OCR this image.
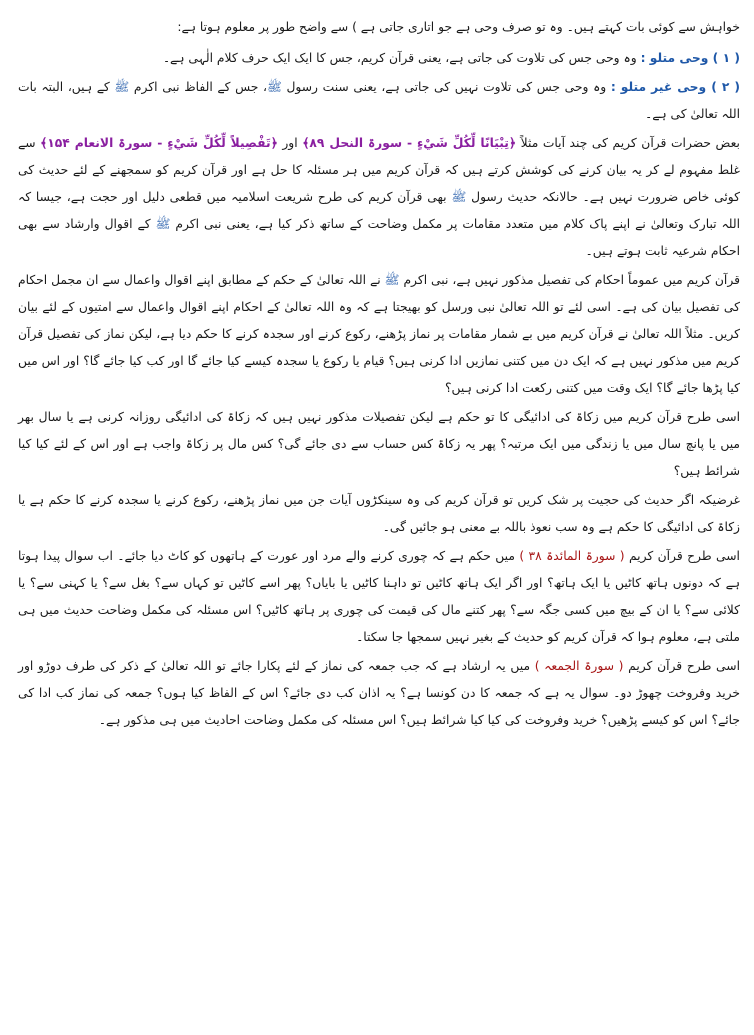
خواہش سے کوئی بات کہتے ہیں۔ وہ تو صرف وحی ہے جو اتاری جاتی ہے ) سے واضح طور پر معلوم ہوتا ہے:

( ۱ ) وحی متلو : وہ وحی جس کی تلاوت کی جاتی ہے، یعنی قرآن کریم، جس کا ایک ایک حرف کلام الٰہی ہے۔

( ۲ ) وحی غیر متلو : وہ وحی جس کی تلاوت نہیں کی جاتی ہے، یعنی سنت رسول ﷺ، جس کے الفاظ نبی اکرم ﷺ کے ہیں، البتہ بات اللہ تعالیٰ کی ہے۔

بعض حضرات قرآن کریم کی چند آیات مثلاً ﴿تِبْيَانًا لِّكُلِّ شَيْءٍ - سورۃ النحل ۸۹﴾ اور ﴿تَفْصِيلاً لِّكُلِّ شَيْءٍ - سورۃ الانعام ۱۵۴﴾ سے غلط مفہوم لے کر یہ بیان کرنے کی کوشش کرتے ہیں کہ قرآن کریم میں ہر مسئلہ کا حل ہے اور قرآن کریم کو سمجھنے کے لئے حدیث کی کوئی خاص ضرورت نہیں ہے۔ حالانکہ حدیث رسول ﷺ بھی قرآن کریم کی طرح شریعت اسلامیہ میں قطعی دلیل اور حجت ہے، جیسا کہ اللہ تبارک وتعالیٰ نے اپنے پاک کلام میں متعدد مقامات پر مکمل وضاحت کے ساتھ ذکر کیا ہے، یعنی نبی اکرم ﷺ کے اقوال وارشاد سے بھی احکام شرعیہ ثابت ہوتے ہیں۔

قرآن کریم میں عموماً احکام کی تفصیل مذکور نہیں ہے، نبی اکرم ﷺ نے اللہ تعالیٰ کے حکم کے مطابق اپنے اقوال واعمال سے ان مجمل احکام کی تفصیل بیان کی ہے۔ اسی لئے تو اللہ تعالیٰ نبی ورسل کو بھیجتا ہے کہ وہ اللہ تعالیٰ کے احکام اپنے اقوال واعمال سے امتیوں کے لئے بیان کریں۔ مثلاً اللہ تعالیٰ نے قرآن کریم میں بے شمار مقامات پر نماز پڑھنے، رکوع کرنے اور سجدہ کرنے کا حکم دیا ہے، لیکن نماز کی تفصیل قرآن کریم میں مذکور نہیں ہے کہ ایک دن میں کتنی نمازیں ادا کرنی ہیں؟ قیام یا رکوع یا سجدہ کیسے کیا جائے گا اور کب کیا جائے گا؟ اور اس میں کیا پڑھا جائے گا؟ ایک وقت میں کتنی رکعت ادا کرنی ہیں؟

اسی طرح قرآن کریم میں زکاۃ کی ادائیگی کا تو حکم ہے لیکن تفصیلات مذکور نہیں ہیں کہ زکاۃ کی ادائیگی روزانہ کرنی ہے یا سال بھر میں یا پانچ سال میں یا زندگی میں ایک مرتبہ؟ پھر یہ زکاۃ کس حساب سے دی جائے گی؟ کس مال پر زکاۃ واجب ہے اور اس کے لئے کیا کیا شرائط ہیں؟

غرضیکہ اگر حدیث کی حجیت پر شک کریں تو قرآن کریم کی وہ سینکڑوں آیات جن میں نماز پڑھنے، رکوع کرنے یا سجدہ کرنے کا حکم ہے یا زکاۃ کی ادائیگی کا حکم ہے وہ سب نعوذ باللہ بے معنی ہو جائیں گی۔

اسی طرح قرآن کریم ( سورۃ المائدۃ ۳۸ ) میں حکم ہے کہ چوری کرنے والے مرد اور عورت کے ہاتھوں کو کاٹ دیا جائے۔ اب سوال پیدا ہوتا ہے کہ دونوں ہاتھ کاٹیں یا ایک ہاتھ؟ اور اگر ایک ہاتھ کاٹیں تو داہنا کاٹیں یا بایاں؟ پھر اسے کاٹیں تو کہاں سے؟ بغل سے؟ یا کہنی سے؟ یا کلائی سے؟ یا ان کے بیچ میں کسی جگہ سے؟ پھر کتنے مال کی قیمت کی چوری پر ہاتھ کاٹیں؟ اس مسئلہ کی مکمل وضاحت حدیث میں ہی ملتی ہے، معلوم ہوا کہ قرآن کریم کو حدیث کے بغیر نہیں سمجھا جا سکتا۔

اسی طرح قرآن کریم ( سورۃ الجمعہ ) میں یہ ارشاد ہے کہ جب جمعہ کی نماز کے لئے پکارا جائے تو اللہ تعالیٰ کے ذکر کی طرف دوڑو اور خرید وفروخت چھوڑ دو۔ سوال یہ ہے کہ جمعہ کا دن کونسا ہے؟ یہ اذان کب دی جائے؟ اس کے الفاظ کیا ہوں؟ جمعہ کی نماز کب ادا کی جائے؟ اس کو کیسے پڑھیں؟ خرید وفروخت کی کیا کیا شرائط ہیں؟ اس مسئلہ کی مکمل وضاحت احادیث میں ہی مذکور ہے۔
